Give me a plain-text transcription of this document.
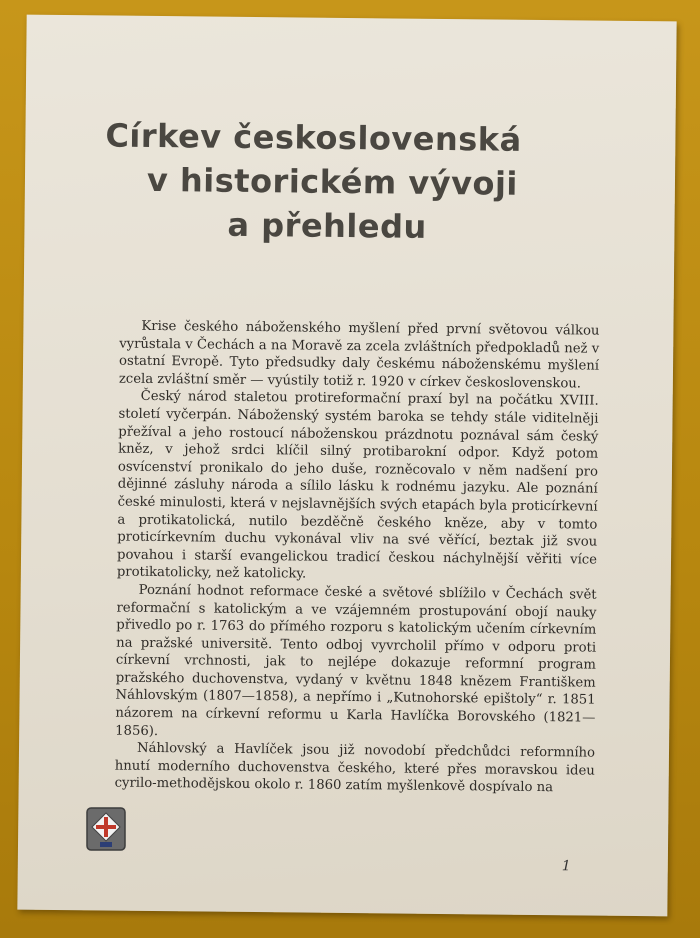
Církev československá
v historickém vývoji
a přehledu

Krise českého náboženského myšlení před první světovou válkou vyrůstala v Čechách a na Moravě za zcela zvláštních předpokladů než v ostatní Evropě. Tyto předsudky daly českému náboženskému myšlení zcela zvláštní směr — vyústily totiž r. 1920 v církev československou.

Český národ staletou protireformační praxí byl na počátku XVIII. století vyčerpán. Náboženský systém baroka se tehdy stále viditelněji přežíval a jeho rostoucí náboženskou prázdnotu poznával sám český kněz, v jehož srdci klíčil silný protibarokní odpor. Když potom osvícenství pronikalo do jeho duše, rozněcovalo v něm nadšení pro dějinné zásluhy národa a sílilo lásku k rodnému jazyku. Ale poznání české minulosti, která v nejslavnějších svých etapách byla proticírkevní a protikatolická, nutilo bezděčně českého kněze, aby v tomto proticírkevním duchu vykonával vliv na své věřící, beztak již svou povahou i starší evangelickou tradicí českou náchylnější věřiti více protikatolicky, než katolicky.

Poznání hodnot reformace české a světové sblížilo v Čechách svět reformační s katolickým a ve vzájemném prostupování obojí nauky přivedlo po r. 1763 do přímého rozporu s katolickým učením církevním na pražské universitě. Tento odboj vyvrcholil přímo v odporu proti církevní vrchnosti, jak to nejlépe dokazuje reformní program pražského duchovenstva, vydaný v květnu 1848 knězem Františkem Náhlovským (1807—1858), a nepřímo i „Kutnohorské epištoly“ r. 1851 názorem na církevní reformu u Karla Havlíčka Borovského (1821—1856).

Náhlovský a Havlíček jsou již novodobí předchůdci reformního hnutí moderního duchovenstva českého, které přes moravskou ideu cyrilo-methodějskou okolo r. 1860 zatím myšlenkově dospívalo na

1
